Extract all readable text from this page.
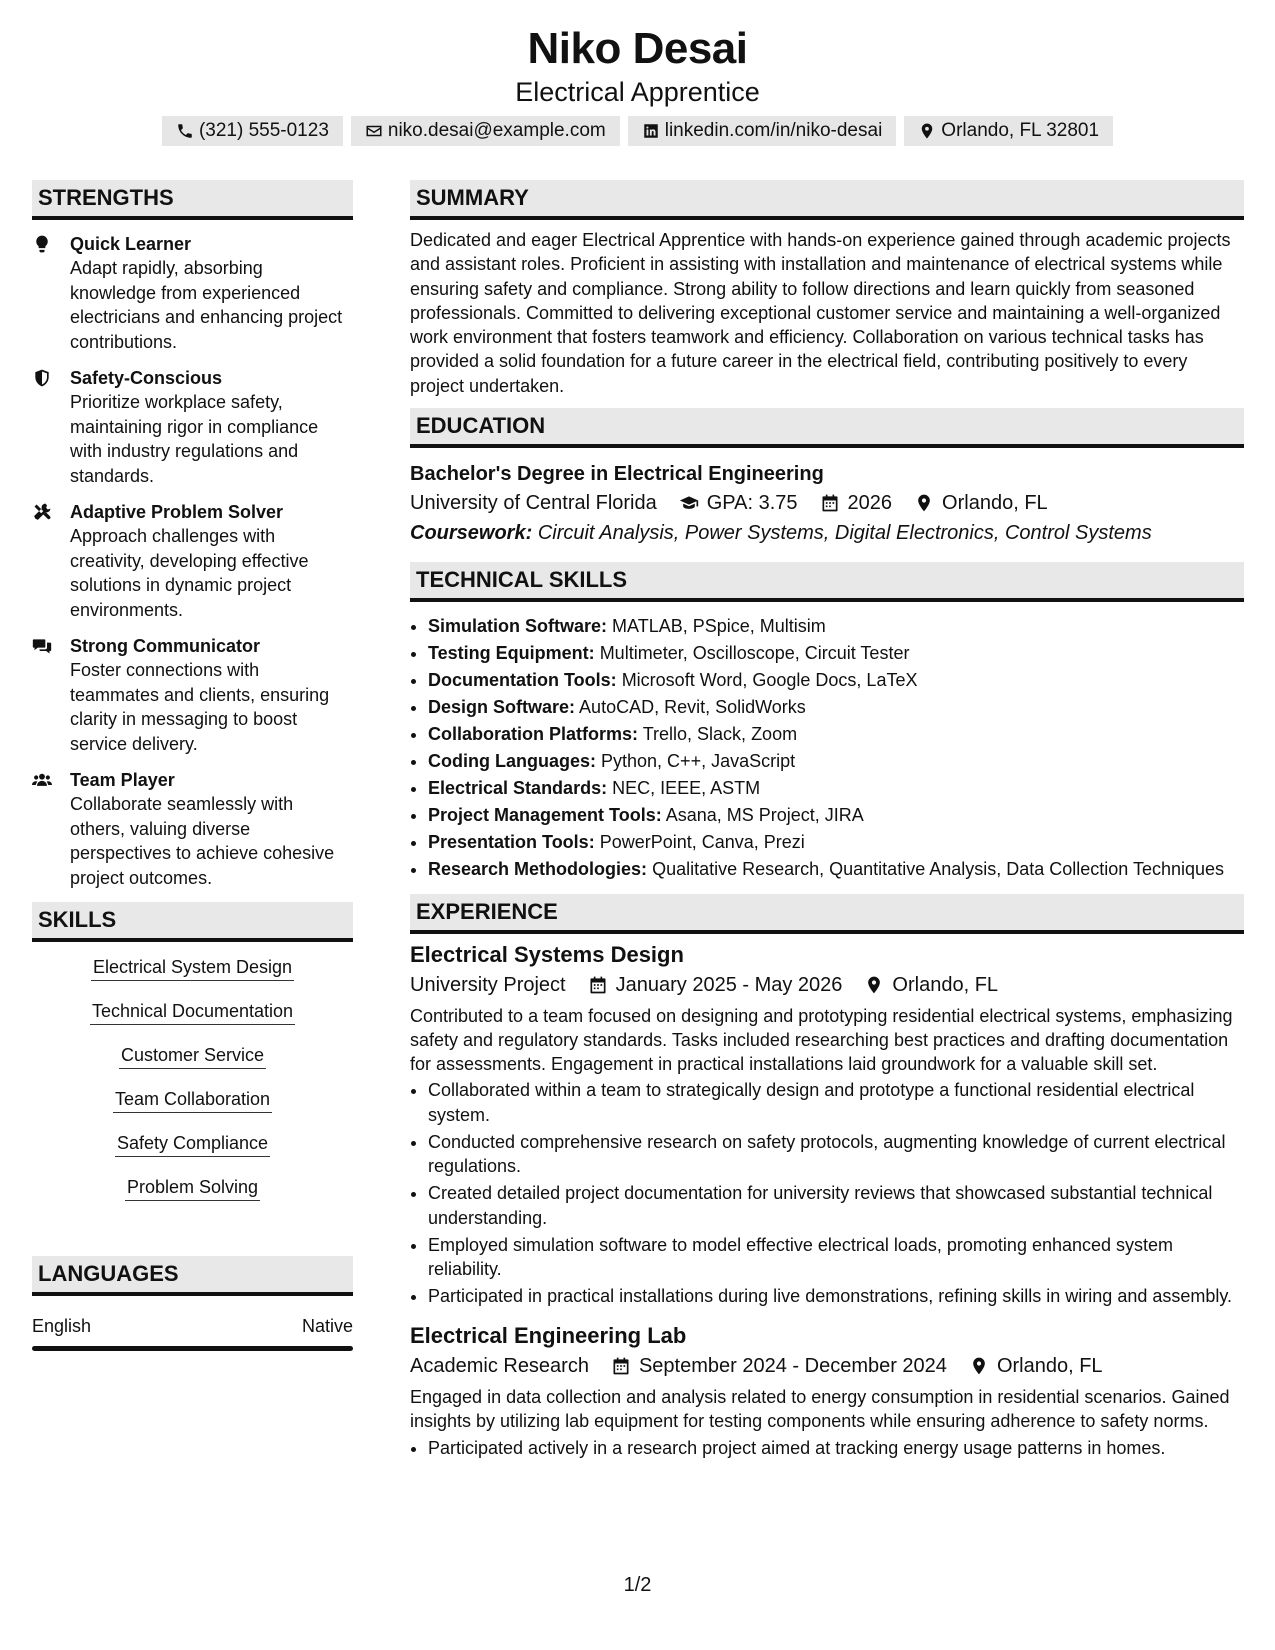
Niko Desai
Electrical Apprentice
(321) 555-0123	niko.desai@example.com	linkedin.com/in/niko-desai	Orlando, FL 32801
STRENGTHS
Quick Learner
Adapt rapidly, absorbing knowledge from experienced electricians and enhancing project contributions.
Safety-Conscious
Prioritize workplace safety, maintaining rigor in compliance with industry regulations and standards.
Adaptive Problem Solver
Approach challenges with creativity, developing effective solutions in dynamic project environments.
Strong Communicator
Foster connections with teammates and clients, ensuring clarity in messaging to boost service delivery.
Team Player
Collaborate seamlessly with others, valuing diverse perspectives to achieve cohesive project outcomes.
SKILLS
Electrical System Design
Technical Documentation
Customer Service
Team Collaboration
Safety Compliance
Problem Solving
LANGUAGES
English	Native
SUMMARY

Dedicated and eager Electrical Apprentice with hands-on experience gained through academic projects and assistant roles. Proficient in assisting with installation and maintenance of electrical systems while ensuring safety and compliance. Strong ability to follow directions and learn quickly from seasoned professionals. Committed to delivering exceptional customer service and maintaining a well-organized work environment that fosters teamwork and efficiency. Collaboration on various technical tasks has provided a solid foundation for a future career in the electrical field, contributing positively to every project undertaken.

EDUCATION
Bachelor's Degree in Electrical Engineering
University of Central Florida	GPA: 3.75	2026	Orlando, FL
Coursework: Circuit Analysis, Power Systems, Digital Electronics, Control Systems
TECHNICAL SKILLS
• Simulation Software: MATLAB, PSpice, Multisim
• Testing Equipment: Multimeter, Oscilloscope, Circuit Tester
• Documentation Tools: Microsoft Word, Google Docs, LaTeX
• Design Software: AutoCAD, Revit, SolidWorks
• Collaboration Platforms: Trello, Slack, Zoom
• Coding Languages: Python, C++, JavaScript
• Electrical Standards: NEC, IEEE, ASTM
• Project Management Tools: Asana, MS Project, JIRA
• Presentation Tools: PowerPoint, Canva, Prezi
• Research Methodologies: Qualitative Research, Quantitative Analysis, Data Collection Techniques
EXPERIENCE
Electrical Systems Design
University Project	January 2025 - May 2026	Orlando, FL

Contributed to a team focused on designing and prototyping residential electrical systems, emphasizing safety and regulatory standards. Tasks included researching best practices and drafting documentation for assessments. Engagement in practical installations laid groundwork for a valuable skill set.

• Collaborated within a team to strategically design and prototype a functional residential electrical system.
• Conducted comprehensive research on safety protocols, augmenting knowledge of current electrical regulations.
• Created detailed project documentation for university reviews that showcased substantial technical understanding.
• Employed simulation software to model effective electrical loads, promoting enhanced system reliability.
• Participated in practical installations during live demonstrations, refining skills in wiring and assembly.
Electrical Engineering Lab
Academic Research	September 2024 - December 2024	Orlando, FL

Engaged in data collection and analysis related to energy consumption in residential scenarios. Gained insights by utilizing lab equipment for testing components while ensuring adherence to safety norms.

• Participated actively in a research project aimed at tracking energy usage patterns in homes.
1/2
